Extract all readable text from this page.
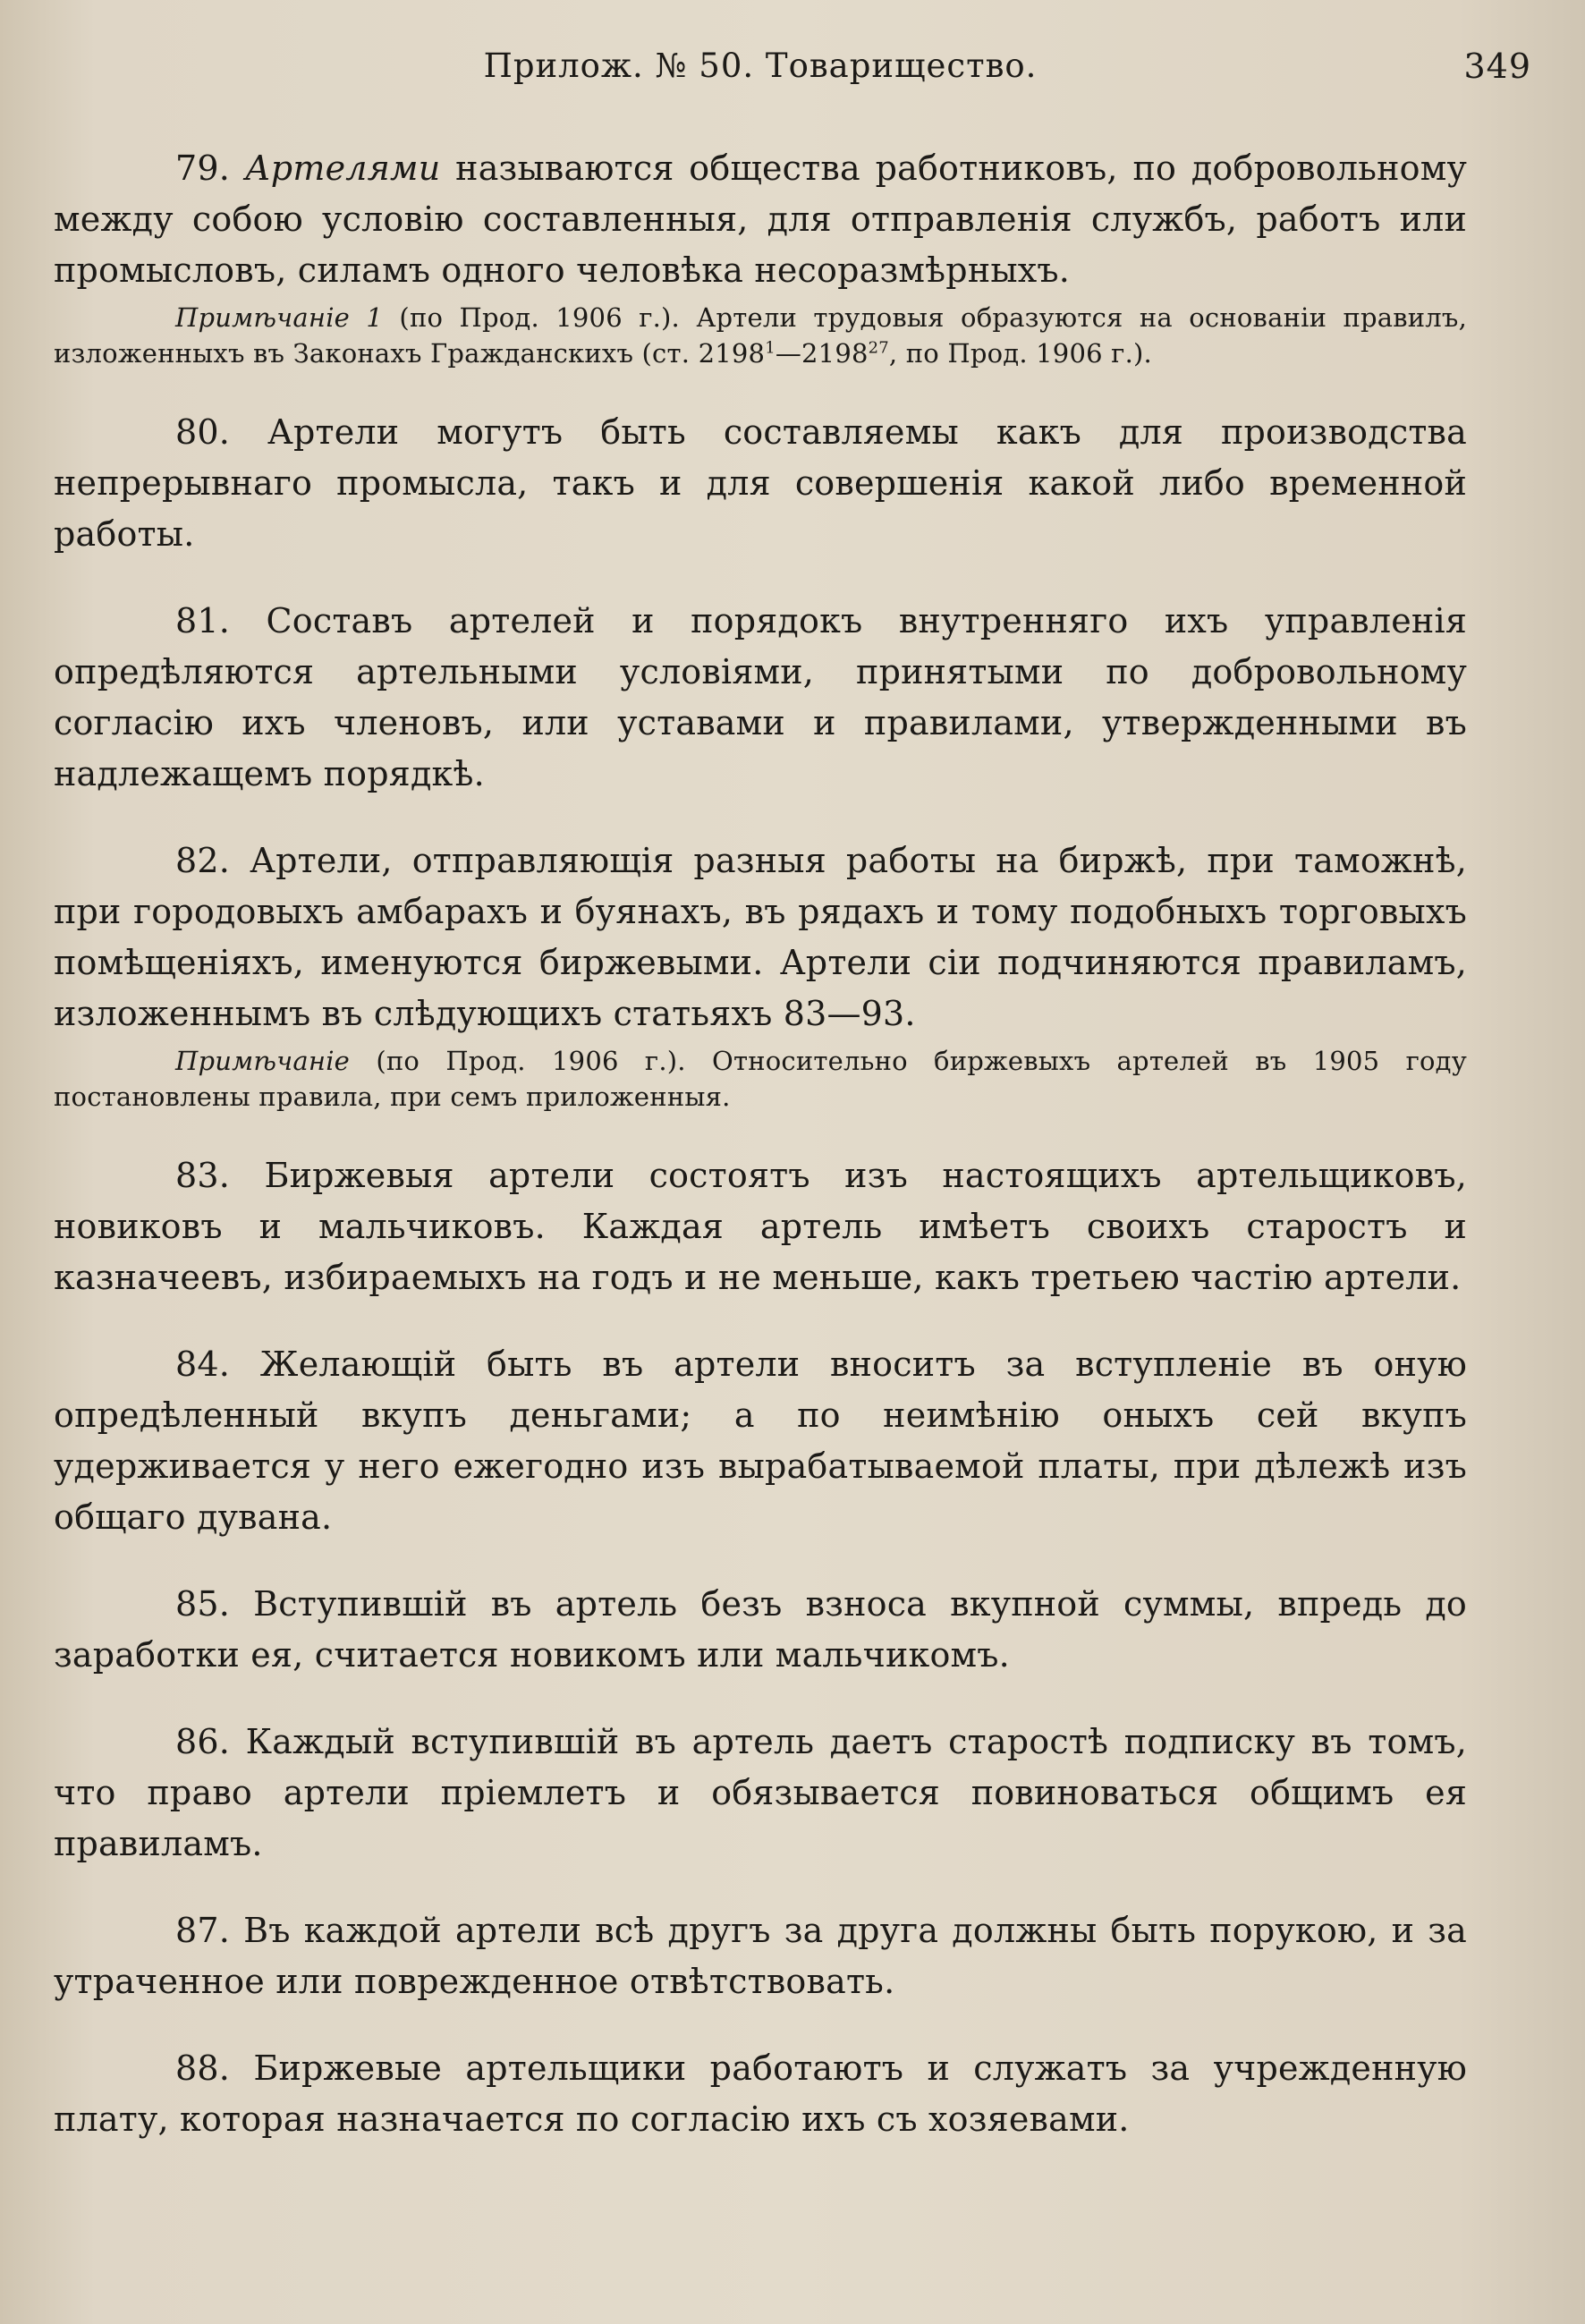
Прилож. № 50. Товарищество.	349

79. Артелями называются общества работниковъ, по добровольному между собою условію составленныя, для отправленія службъ, работъ или промысловъ, силамъ одного человѣка несоразмѣрныхъ.

Примѣчаніе 1 (по Прод. 1906 г.). Артели трудовыя образуются на основаніи правилъ, изложенныхъ въ Законахъ Гражданскихъ (ст. 2198$^1$—2198$^{27}$, по Прод. 1906 г.).

80. Артели могутъ быть составляемы какъ для производства непрерывнаго промысла, такъ и для совершенія какой либо временной работы.

81. Составъ артелей и порядокъ внутренняго ихъ управленія опредѣляются артельными условіями, принятыми по добровольному согласію ихъ членовъ, или уставами и правилами, утвержденными въ надлежащемъ порядкѣ.

82. Артели, отправляющія разныя работы на биржѣ, при таможнѣ, при городовыхъ амбарахъ и буянахъ, въ рядахъ и тому подобныхъ торговыхъ помѣщеніяхъ, именуются биржевыми. Артели сіи подчиняются правиламъ, изложеннымъ въ слѣдующихъ статьяхъ 83—93.

Примѣчаніе (по Прод. 1906 г.). Относительно биржевыхъ артелей въ 1905 году постановлены правила, при семъ приложенныя.

83. Биржевыя артели состоятъ изъ настоящихъ артельщиковъ, новиковъ и мальчиковъ. Каждая артель имѣетъ своихъ старостъ и казначеевъ, избираемыхъ на годъ и не меньше, какъ третьею частію артели.

84. Желающій быть въ артели вноситъ за вступленіе въ оную опредѣленный вкупъ деньгами; а по неимѣнію оныхъ сей вкупъ удерживается у него ежегодно изъ вырабатываемой платы, при дѣлежѣ изъ общаго дувана.

85. Вступившій въ артель безъ взноса вкупной суммы, впредь до заработки ея, считается новикомъ или мальчикомъ.

86. Каждый вступившій въ артель даетъ старостѣ подписку въ томъ, что право артели пріемлетъ и обязывается повиноваться общимъ ея правиламъ.

87. Въ каждой артели всѣ другъ за друга должны быть порукою, и за утраченное или поврежденное отвѣтствовать.

88. Биржевые артельщики работаютъ и служатъ за учрежденную плату, которая назначается по согласію ихъ съ хозяевами.
